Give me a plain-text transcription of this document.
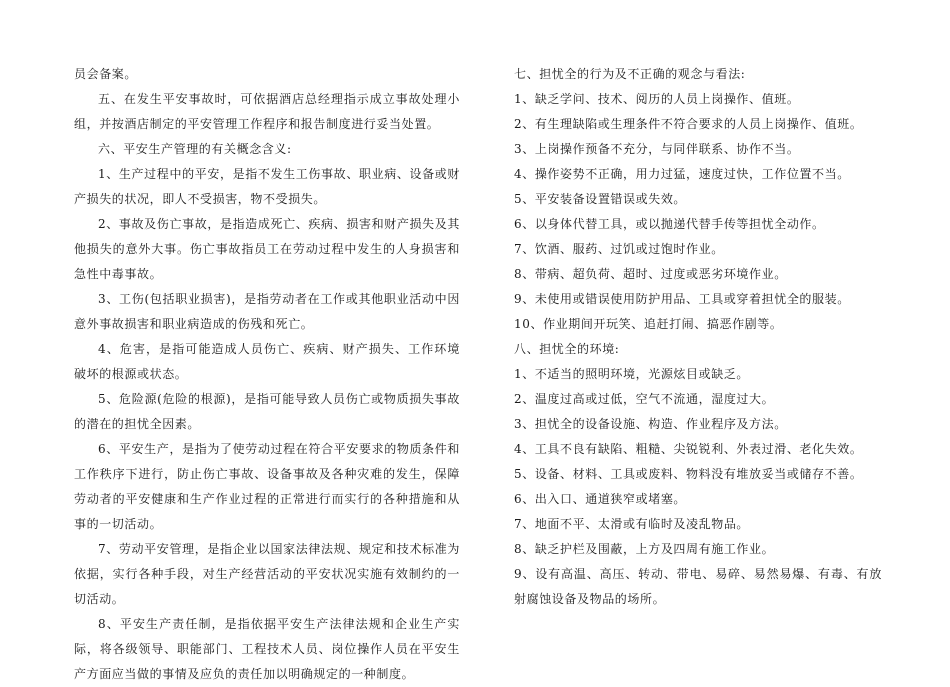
员会备案。

五、在发生平安事故时，可依据酒店总经理指示成立事故处理小组，并按酒店制定的平安管理工作程序和报告制度进行妥当处置。

六、平安生产管理的有关概念含义:

1、生产过程中的平安，是指不发生工伤事故、职业病、设备或财产损失的状况，即人不受损害，物不受损失。

2、事故及伤亡事故，是指造成死亡、疾病、损害和财产损失及其他损失的意外大事。伤亡事故指员工在劳动过程中发生的人身损害和急性中毒事故。

3、工伤(包括职业损害)，是指劳动者在工作或其他职业活动中因意外事故损害和职业病造成的伤残和死亡。

4、危害，是指可能造成人员伤亡、疾病、财产损失、工作环境 破坏的根源或状态。

5、危险源(危险的根源)，是指可能导致人员伤亡或物质损失事故的潜在的担忧全因素。

6、平安生产，是指为了使劳动过程在符合平安要求的物质条件和工作秩序下进行，防止伤亡事故、设备事故及各种灾难的发生，保障劳动者的平安健康和生产作业过程的正常进行而实行的各种措施和从事的一切活动。

7、劳动平安管理，是指企业以国家法律法规、规定和技术标准为依据，实行各种手段，对生产经营活动的平安状况实施有效制约的一切活动。

8、平安生产责任制，是指依据平安生产法律法规和企业生产实际，将各级领导、职能部门、工程技术人员、岗位操作人员在平安生产方面应当做的事情及应负的责任加以明确规定的一种制度。

七、担忧全的行为及不正确的观念与看法:

1、缺乏学问、技术、阅历的人员上岗操作、值班。

2、有生理缺陷或生理条件不符合要求的人员上岗操作、值班。

3、上岗操作预备不充分，与同伴联系、协作不当。

4、操作姿势不正确，用力过猛，速度过快，工作位置不当。

5、平安装备设置错误或失效。

6、以身体代替工具，或以抛递代替手传等担忧全动作。

7、饮酒、服药、过饥或过饱时作业。

8、带病、超负荷、超时、过度或恶劣环境作业。

9、未使用或错误使用防护用品、工具或穿着担忧全的服装。

10、作业期间开玩笑、追赶打闹、搞恶作剧等。

八、担忧全的环境:

1、不适当的照明环境，光源炫目或缺乏。

2、温度过高或过低，空气不流通，湿度过大。

3、担忧全的设备设施、构造、作业程序及方法。

4、工具不良有缺陷、粗糙、尖锐锐利、外表过滑、老化失效。

5、设备、材料、工具或废料、物料没有堆放妥当或储存不善。

6、出入口、通道狭窄或堵塞。

7、地面不平、太滑或有临时及凌乱物品。

8、缺乏护栏及围蔽，上方及四周有施工作业。

9、设有高温、高压、转动、带电、易碎、易然易爆、有毒、有放射腐蚀设备及物品的场所。
